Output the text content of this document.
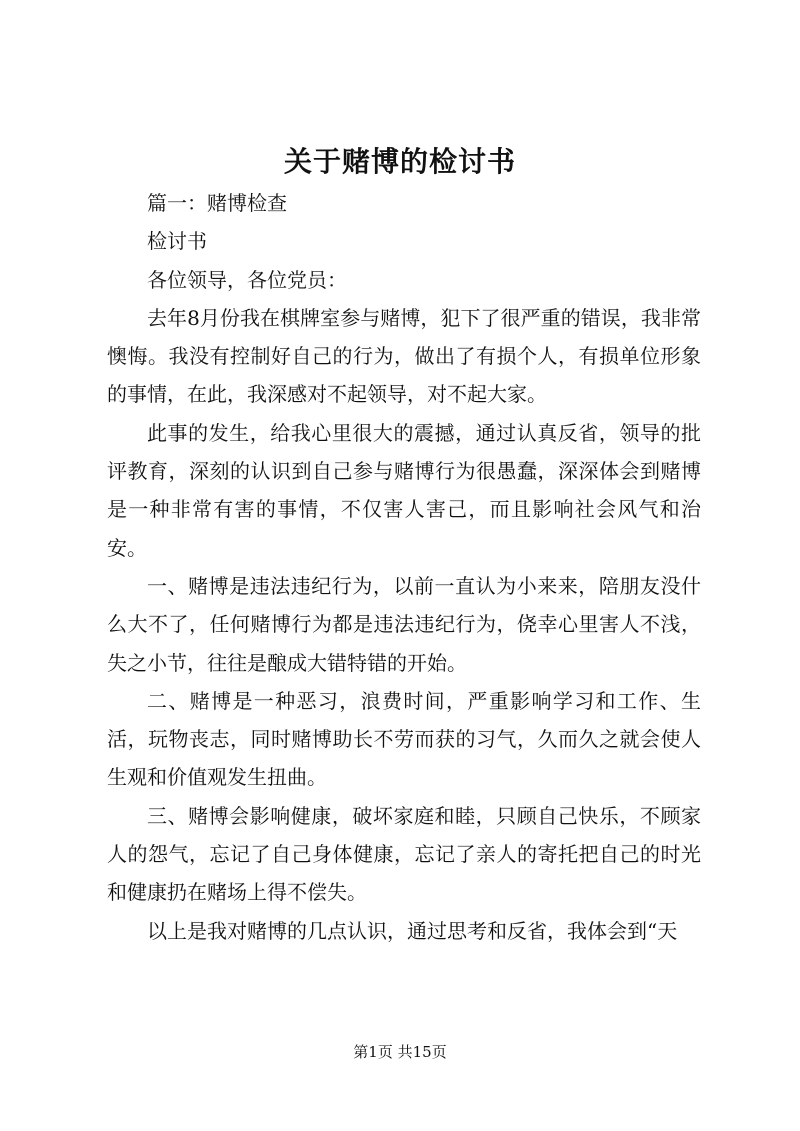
关于赌博的检讨书

篇一：赌博检查

检讨书

各位领导，各位党员：

去年8月份我在棋牌室参与赌博，犯下了很严重的错误，我非常懊悔。我没有控制好自己的行为，做出了有损个人，有损单位形象的事情，在此，我深感对不起领导，对不起大家。

此事的发生，给我心里很大的震撼，通过认真反省，领导的批评教育，深刻的认识到自己参与赌博行为很愚蠢，深深体会到赌博是一种非常有害的事情，不仅害人害己，而且影响社会风气和治安。

一、赌博是违法违纪行为，以前一直认为小来来，陪朋友没什么大不了，任何赌博行为都是违法违纪行为，侥幸心里害人不浅，失之小节，往往是酿成大错特错的开始。

二、赌博是一种恶习，浪费时间，严重影响学习和工作、生活，玩物丧志，同时赌博助长不劳而获的习气，久而久之就会使人生观和价值观发生扭曲。

三、赌博会影响健康，破坏家庭和睦，只顾自己快乐，不顾家人的怨气，忘记了自己身体健康，忘记了亲人的寄托把自己的时光和健康扔在赌场上得不偿失。

以上是我对赌博的几点认识，通过思考和反省，我体会到“天

第1页 共15页
